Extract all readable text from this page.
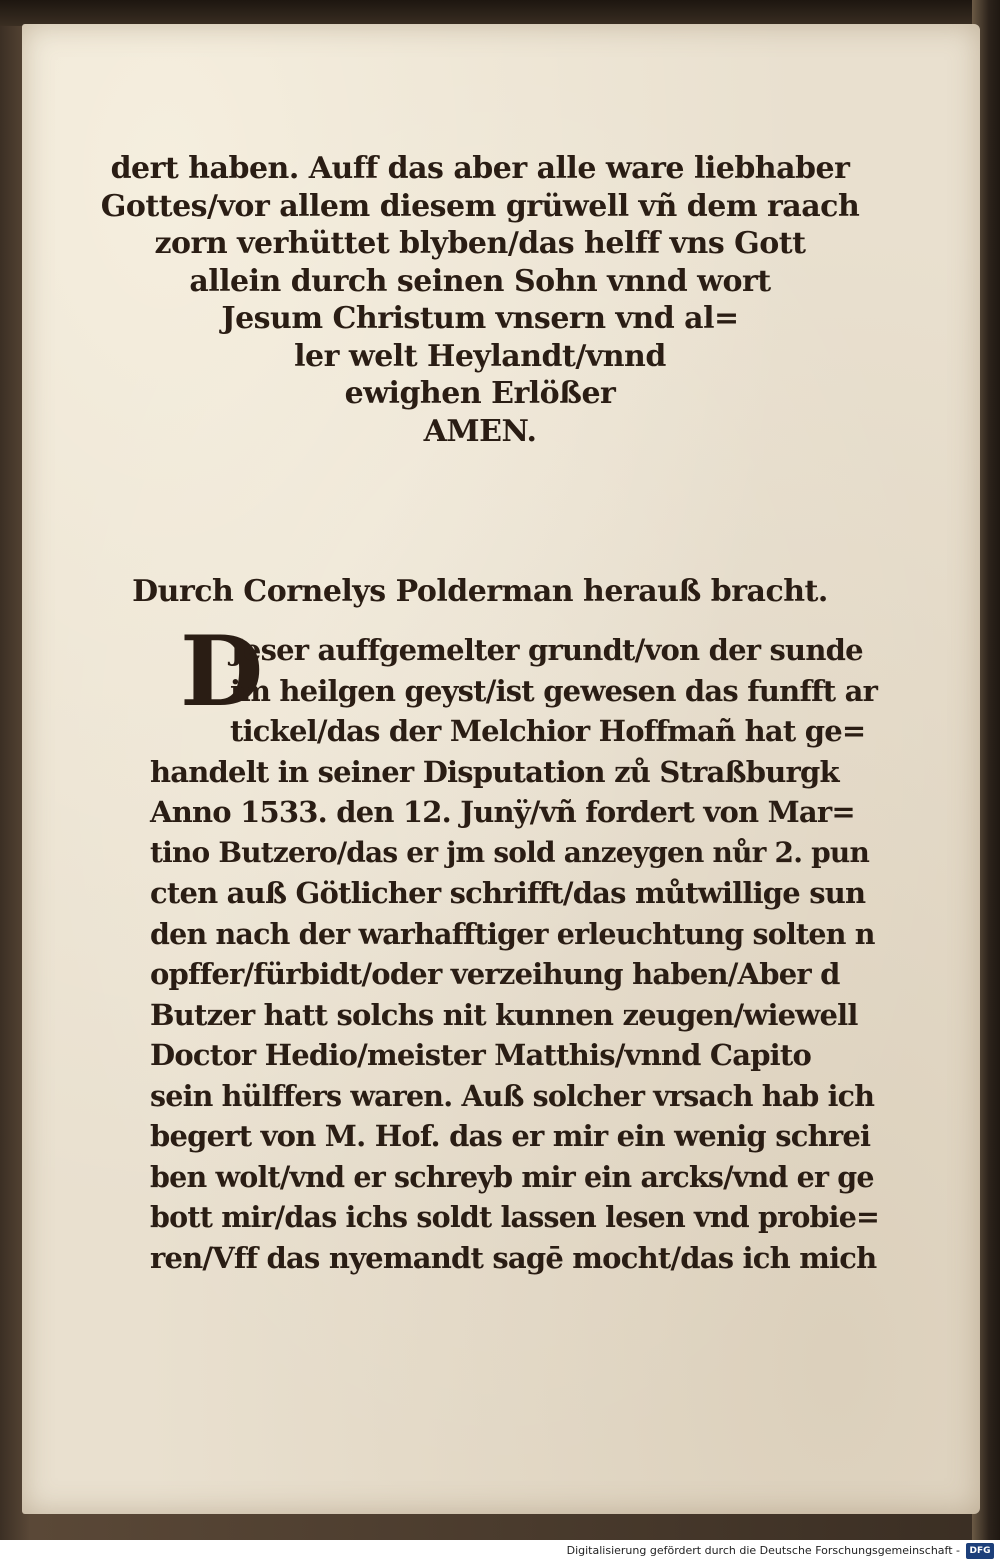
dert haben. Auff das aber alle ware liebhaber
Gottes/vor allem diesem grüwell vñ dem raach
zorn verhüttet blyben/das helff vns Gott
allein durch seinen Sohn vnnd wort
Jesum Christum vnsern vnd al=
ler welt Heylandt/vnnd
ewighen Erlößer
AMEN.
Durch Cornelys Polderman herauß bracht.
D
Jeser auffgemelter grundt/von der sunde
im heilgen geyst/ist gewesen das funfft ar
tickel/das der Melchior Hoffmañ hat ge=
handelt in seiner Disputation zů Straßburgk
Anno 1533. den 12. Junÿ/vñ fordert von Mar=
tino Butzero/das er jm sold anzeygen nůr 2. pun
cten auß Götlicher schrifft/das můtwillige sun
den nach der warhafftiger erleuchtung solten n
opffer/fürbidt/oder verzeihung haben/Aber d
Butzer hatt solchs nit kunnen zeugen/wiewell
Doctor Hedio/meister Matthis/vnnd Capito
sein hülffers waren. Auß solcher vrsach hab ich
begert von M. Hof. das er mir ein wenig schrei
ben wolt/vnd er schreyb mir ein arcks/vnd er ge
bott mir/das ichs soldt lassen lesen vnd probie=
ren/Vff das nyemandt sagē mocht/das ich mich
Digitalisierung gefördert durch die Deutsche Forschungsgemeinschaft -	DFG
